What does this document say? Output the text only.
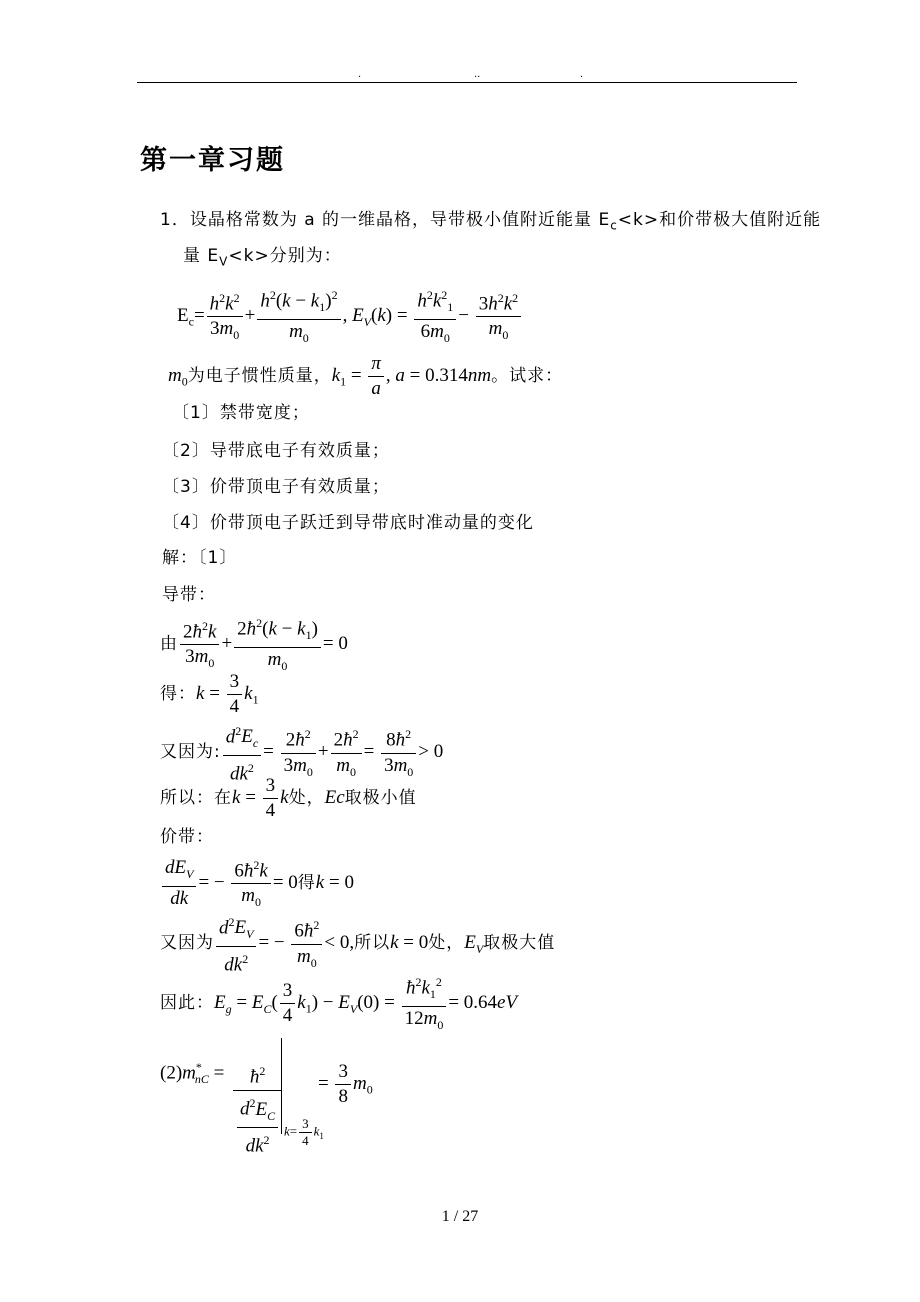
.	..	.
第一章习题
1．设晶格常数为 a 的一维晶格，导带极小值附近能量 $E_c<k>$和价带极大值附近能
量 $E_V<k>$分别为：
$E_c= \frac{h^2k^2}{3m_0} + \frac{h^2(k - k_1)^2}{m_0}$ , $E_V(k) = \frac{h^2k^2_1}{6m_0} - \frac{3h^2k^2}{m_0}$
$m_0$为电子惯性质量，$k_1 = \frac{\pi}{a}$ , a = 0.314nm。试求：
〔1〕禁带宽度；
〔2〕导带底电子有效质量；
〔3〕价带顶电子有效质量；
〔4〕价带顶电子跃迁到导带底时准动量的变化
解：〔1〕
导带：
由 $\frac{2ħ^2k}{3m_0} + \frac{2ħ^2(k - k_1)}{m_0} = 0$
得：$k = \frac{3}{4} k_1$
又因为: $\frac{d^2E_c}{dk^2} = \frac{2ħ^2}{3m_0} + \frac{2ħ^2}{m_0} = \frac{8ħ^2}{3m_0} > 0$
所以：在$k = \frac{3}{4}$ k处，Ec取极小值
价带：
$\frac{dE_V}{dk}$ = − $\frac{6ħ^2k}{m_0} = 0$得k = 0
又因为 $\frac{d^2E_V}{dk^2}$ = − $\frac{6ħ^2}{m_0} < 0$,所以k = 0处，$E_V$取极大值
因此：$E_g = E_C( \frac{3}{4} k_1) - E_V(0) = \frac{ħ^2k_1^2}{12m_0} = 0.64eV$
$(2)m^*_{nC}$ =	$ħ^2$
$\frac{d^2E_C}{dk^2} k= \frac{3}{4} k_1$
= $\frac{3}{8} m_0$
1 / 27
